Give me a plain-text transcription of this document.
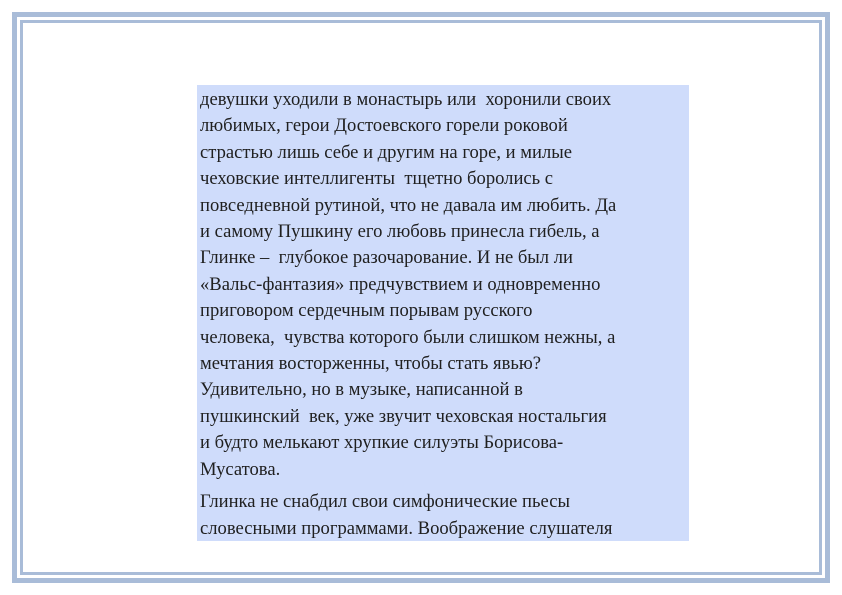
девушки уходили в монастырь или  хоронили своих
любимых, герои Достоевского горели роковой
страстью лишь себе и другим на горе, и милые
чеховские интеллигенты  тщетно боролись с
повседневной рутиной, что не давала им любить. Да
и самому Пушкину его любовь принесла гибель, а
Глинке –  глубокое разочарование. И не был ли
«Вальс-фантазия» предчувствием и одновременно
приговором сердечным порывам русского
человека,  чувства которого были слишком нежны, а
мечтания восторженны, чтобы стать явью?
Удивительно, но в музыке, написанной в
пушкинский  век, уже звучит чеховская ностальгия
и будто мелькают хрупкие силуэты Борисова-
Мусатова.
Глинка не снабдил свои симфонические пьесы
словесными программами. Воображение слушателя
